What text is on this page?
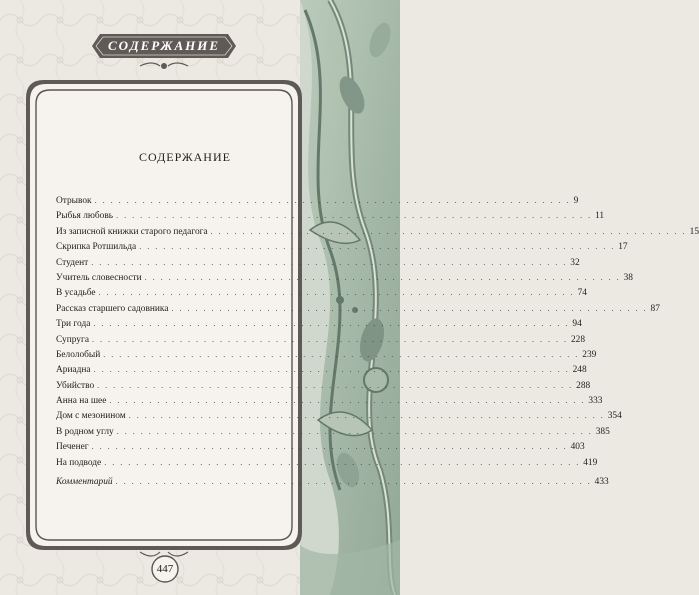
СОДЕРЖАНИЕ
СОДЕРЖАНИЕ
Отрывок . . . . . . . . . . . . . . . . . . . . . . . . . . . . . . . . . . . . . . . . . . . . . . . . . . . . . . . . . . . . 9
Рыбья любовь . . . . . . . . . . . . . . . . . . . . . . . . . . . . . . . . . . . . . . . . . . . . . . . . . . . . . . . . . . . . 11
Из записной книжки старого педагога . . . . . . . . . . . . . . . . . . . . . . . . . . . . . . . . . . . . . . . . . . . . . . . . . . . . . . . . . . . . 15
Скрипка Ротшильда . . . . . . . . . . . . . . . . . . . . . . . . . . . . . . . . . . . . . . . . . . . . . . . . . . . . . . . . . . . . 17
Студент . . . . . . . . . . . . . . . . . . . . . . . . . . . . . . . . . . . . . . . . . . . . . . . . . . . . . . . . . . . . 32
Учитель словесности . . . . . . . . . . . . . . . . . . . . . . . . . . . . . . . . . . . . . . . . . . . . . . . . . . . . . . . . . . . . 38
В усадьбе . . . . . . . . . . . . . . . . . . . . . . . . . . . . . . . . . . . . . . . . . . . . . . . . . . . . . . . . . . . . 74
Рассказ старшего садовника . . . . . . . . . . . . . . . . . . . . . . . . . . . . . . . . . . . . . . . . . . . . . . . . . . . . . . . . . . . . 87
Три года . . . . . . . . . . . . . . . . . . . . . . . . . . . . . . . . . . . . . . . . . . . . . . . . . . . . . . . . . . . . 94
Супруга . . . . . . . . . . . . . . . . . . . . . . . . . . . . . . . . . . . . . . . . . . . . . . . . . . . . . . . . . . . . 228
Белолобый . . . . . . . . . . . . . . . . . . . . . . . . . . . . . . . . . . . . . . . . . . . . . . . . . . . . . . . . . . . . 239
Ариадна . . . . . . . . . . . . . . . . . . . . . . . . . . . . . . . . . . . . . . . . . . . . . . . . . . . . . . . . . . . . 248
Убийство . . . . . . . . . . . . . . . . . . . . . . . . . . . . . . . . . . . . . . . . . . . . . . . . . . . . . . . . . . . . 288
Анна на шее . . . . . . . . . . . . . . . . . . . . . . . . . . . . . . . . . . . . . . . . . . . . . . . . . . . . . . . . . . . . 333
Дом с мезонином . . . . . . . . . . . . . . . . . . . . . . . . . . . . . . . . . . . . . . . . . . . . . . . . . . . . . . . . . . . . 354
В родном углу . . . . . . . . . . . . . . . . . . . . . . . . . . . . . . . . . . . . . . . . . . . . . . . . . . . . . . . . . . . . 385
Печенег . . . . . . . . . . . . . . . . . . . . . . . . . . . . . . . . . . . . . . . . . . . . . . . . . . . . . . . . . . . . 403
На подводе . . . . . . . . . . . . . . . . . . . . . . . . . . . . . . . . . . . . . . . . . . . . . . . . . . . . . . . . . . . . 419
Комментарий . . . . . . . . . . . . . . . . . . . . . . . . . . . . . . . . . . . . . . . . . . . . . . . . . . . . . . . . . . . . 433
447
